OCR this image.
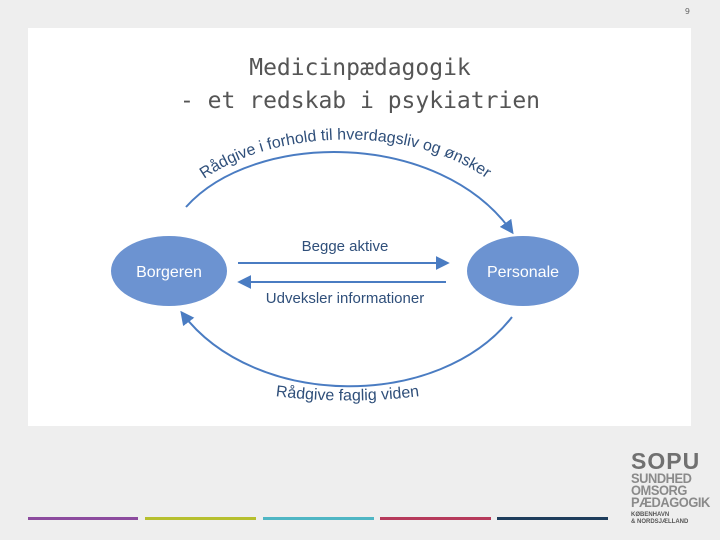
9
Medicinpædagogik
- et redskab i psykiatrien
Borgeren	Personale
Begge aktive
Udveksler informationer
Rådgive i forhold til hverdagsliv og ønsker
Rådgive faglig viden
SOPU
SUNDHED
OMSORG
PÆDAGOGIK
KØBENHAVN
& NORDSJÆLLAND
